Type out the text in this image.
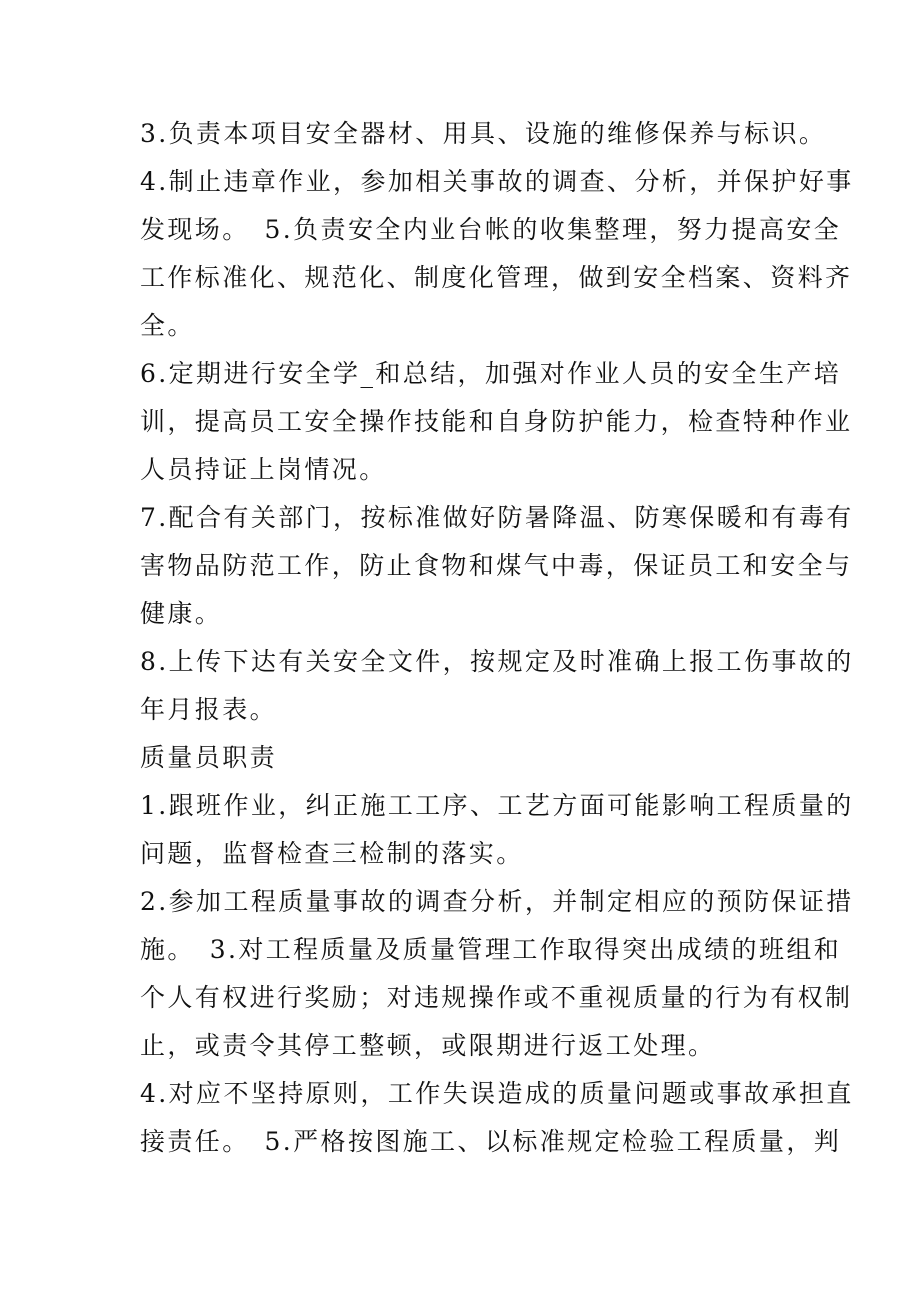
3.负责本项目安全器材、用具、设施的维修保养与标识。

4.制止违章作业，参加相关事故的调查、分析，并保护好事

发现场。　5.负责安全内业台帐的收集整理，努力提高安全

工作标准化、规范化、制度化管理，做到安全档案、资料齐

全。

6.定期进行安全学_和总结，加强对作业人员的安全生产培

训，提高员工安全操作技能和自身防护能力，检查特种作业

人员持证上岗情况。

7.配合有关部门，按标准做好防暑降温、防寒保暖和有毒有

害物品防范工作，防止食物和煤气中毒，保证员工和安全与

健康。

8.上传下达有关安全文件，按规定及时准确上报工伤事故的

年月报表。

质量员职责

1.跟班作业，纠正施工工序、工艺方面可能影响工程质量的

问题，监督检查三检制的落实。

2.参加工程质量事故的调查分析，并制定相应的预防保证措

施。　3.对工程质量及质量管理工作取得突出成绩的班组和

个人有权进行奖励；对违规操作或不重视质量的行为有权制

止，或责令其停工整顿，或限期进行返工处理。

4.对应不坚持原则，工作失误造成的质量问题或事故承担直

接责任。　5.严格按图施工、以标准规定检验工程质量，判
